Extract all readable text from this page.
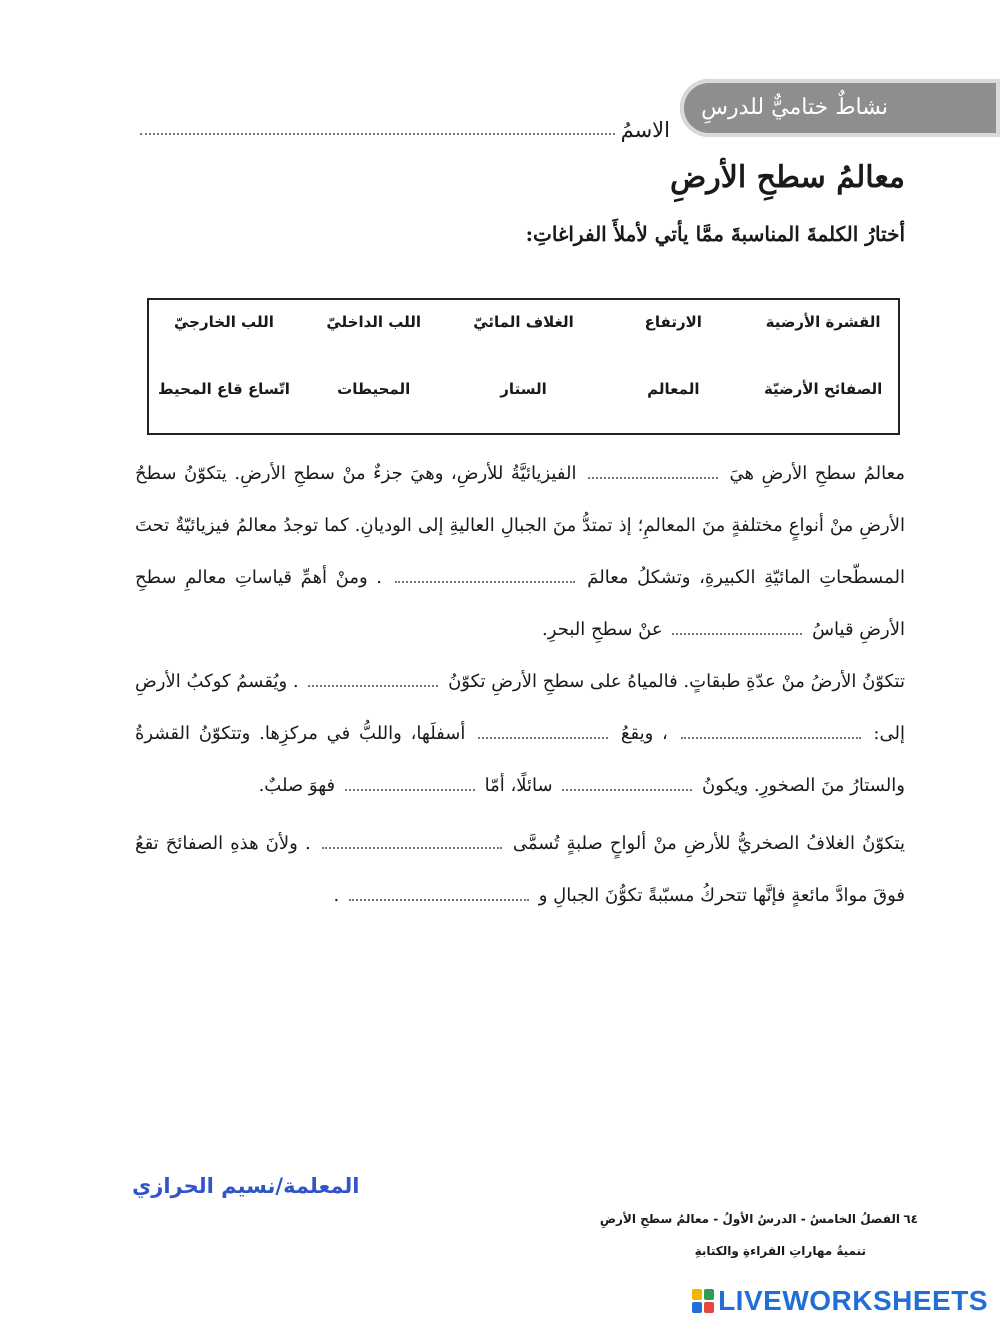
نشاطٌ ختاميٌّ للدرسِ
الاسمُ
معالمُ سطحِ الأرضِ
أختارُ الكلمةَ المناسبةَ ممَّا يأتي لأملأَ الفراغاتِ:
القشرة الأرضية
الارتفاع
الغلاف المائيّ
اللب الداخليّ
اللب الخارجيّ
الصفائح الأرضيّة
المعالم
الستار
المحيطات
اتّساع قاع المحيط

معالمُ سطحِ الأرضِ هيَ  الفيزيائيَّةُ للأرضِ، وهيَ جزءٌ منْ سطحِ الأرضِ. يتكوّنُ سطحُ الأرضِ منْ أنواعٍ مختلفةٍ منَ المعالمِ؛ إذ تمتدُّ منَ الجبالِ العاليةِ إلى الوديانِ. كما توجدُ معالمُ فيزيائيّةٌ تحتَ المسطّحاتِ المائيّةِ الكبيرةِ، وتشكلُ معالمَ  . ومنْ أهمِّ قياساتِ معالمِ سطحِ الأرضِ قياسُ  عنْ سطحِ البحرِ.

تتكوّنُ الأرضُ منْ عدّةِ طبقاتٍ. فالمياهُ على سطحِ الأرضِ تكوّنُ  . ويُقسمُ كوكبُ الأرضِ إلى:  ، ويقعُ  أسفلَها، واللبُّ في مركزِها. وتتكوّنُ القشرةُ والستارُ منَ الصخورِ. ويكونُ  سائلًا، أمّا  فهوَ صلبٌ.

يتكوّنُ الغلافُ الصخريُّ للأرضِ منْ ألواحٍ صلبةٍ تُسمَّى  . ولأنَ هذهِ الصفائحَ تقعُ فوقَ موادَّ مائعةٍ فإنَّها تتحركُ مسبّبةً تكوُّنَ الجبالِ و  .

المعلمة/نسيم الحرازي

٦٤
الفصلُ الخامسُ - الدرسُ الأولُ - معالمُ سطحِ الأرضِ
تنميةُ مهاراتِ القراءةِ والكتابةِ
LIVEWORKSHEETS
